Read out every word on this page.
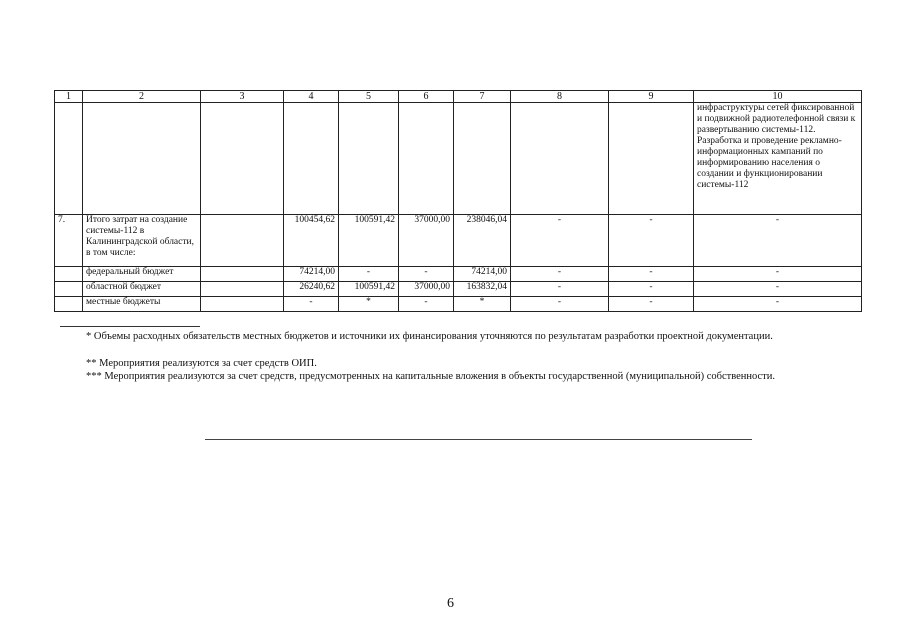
1	2	3	4	5	6	7	8	9	10
									инфраструктуры сетей фиксированной и подвижной радиотелефонной связи к развертыванию системы-112. Разработка и проведение рекламно-информационных кампаний по информированию населения о создании и функционировании системы-112
7.	Итого затрат на создание системы-112 в Калининградской области, в том числе:		100454,62	100591,42	37000,00	238046,04	-	-	-
	федеральный бюджет		74214,00	-	-	74214,00	-	-	-
	областной бюджет		26240,62	100591,42	37000,00	163832,04	-	-	-
	местные бюджеты		-	*	-	*	-	-	-
* Объемы расходных обязательств местных бюджетов и источники их финансирования уточняются по результатам разработки проектной документации.
** Мероприятия реализуются за счет средств ОИП.
*** Мероприятия реализуются за счет средств, предусмотренных на капитальные вложения в объекты государственной (муниципальной) собственности.
6
